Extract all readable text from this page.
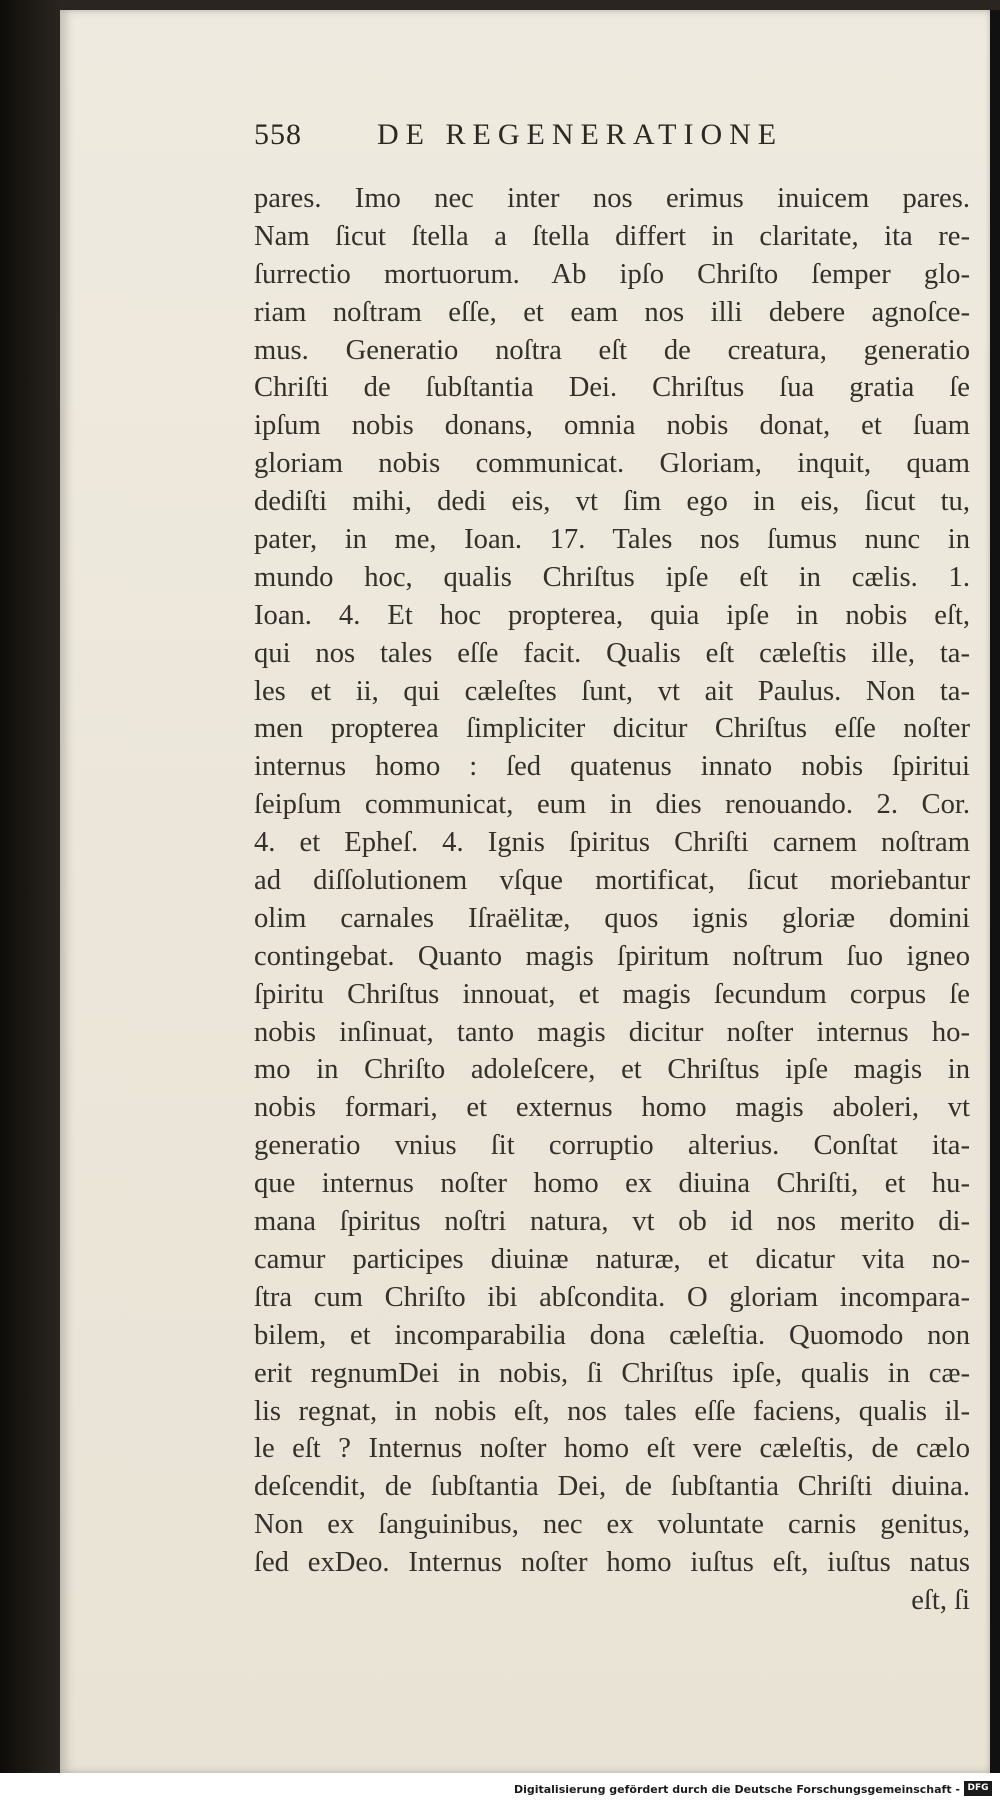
558	DE REGENERATIONE
pares. Imo nec inter nos erimus inuicem pares.
Nam ſicut ſtella a ſtella differt in claritate, ita re-
ſurrectio mortuorum. Ab ipſo Chriſto ſemper glo-
riam noſtram eſſe, et eam nos illi debere agnoſce-
mus. Generatio noſtra eſt de creatura, generatio
Chriſti de ſubſtantia Dei. Chriſtus ſua gratia ſe
ipſum nobis donans, omnia nobis donat, et ſuam
gloriam nobis communicat. Gloriam, inquit, quam
dediſti mihi, dedi eis, vt ſim ego in eis, ſicut tu,
pater, in me, Ioan. 17. Tales nos ſumus nunc in
mundo hoc, qualis Chriſtus ipſe eſt in cælis. 1.
Ioan. 4. Et hoc propterea, quia ipſe in nobis eſt,
qui nos tales eſſe facit. Qualis eſt cæleſtis ille, ta-
les et ii, qui cæleſtes ſunt, vt ait Paulus. Non ta-
men propterea ſimpliciter dicitur Chriſtus eſſe noſter
internus homo : ſed quatenus innato nobis ſpiritui
ſeipſum communicat, eum in dies renouando. 2. Cor.
4. et Epheſ. 4. Ignis ſpiritus Chriſti carnem noſtram
ad diſſolutionem vſque mortificat, ſicut moriebantur
olim carnales Iſraëlitæ, quos ignis gloriæ domini
contingebat. Quanto magis ſpiritum noſtrum ſuo igneo
ſpiritu Chriſtus innouat, et magis ſecundum corpus ſe
nobis inſinuat, tanto magis dicitur noſter internus ho-
mo in Chriſto adoleſcere, et Chriſtus ipſe magis in
nobis formari, et externus homo magis aboleri, vt
generatio vnius ſit corruptio alterius. Conſtat ita-
que internus noſter homo ex diuina Chriſti, et hu-
mana ſpiritus noſtri natura, vt ob id nos merito di-
camur participes diuinæ naturæ, et dicatur vita no-
ſtra cum Chriſto ibi abſcondita. O gloriam incompara-
bilem, et incomparabilia dona cæleſtia. Quomodo non
erit regnumDei in nobis, ſi Chriſtus ipſe, qualis in cæ-
lis regnat, in nobis eſt, nos tales eſſe faciens, qualis il-
le eſt ? Internus noſter homo eſt vere cæleſtis, de cælo
deſcendit, de ſubſtantia Dei, de ſubſtantia Chriſti diuina.
Non ex ſanguinibus, nec ex voluntate carnis genitus,
ſed exDeo. Internus noſter homo iuſtus eſt, iuſtus natus
eſt, ſi
Digitalisierung gefördert durch die Deutsche Forschungsgemeinschaft - DFG
